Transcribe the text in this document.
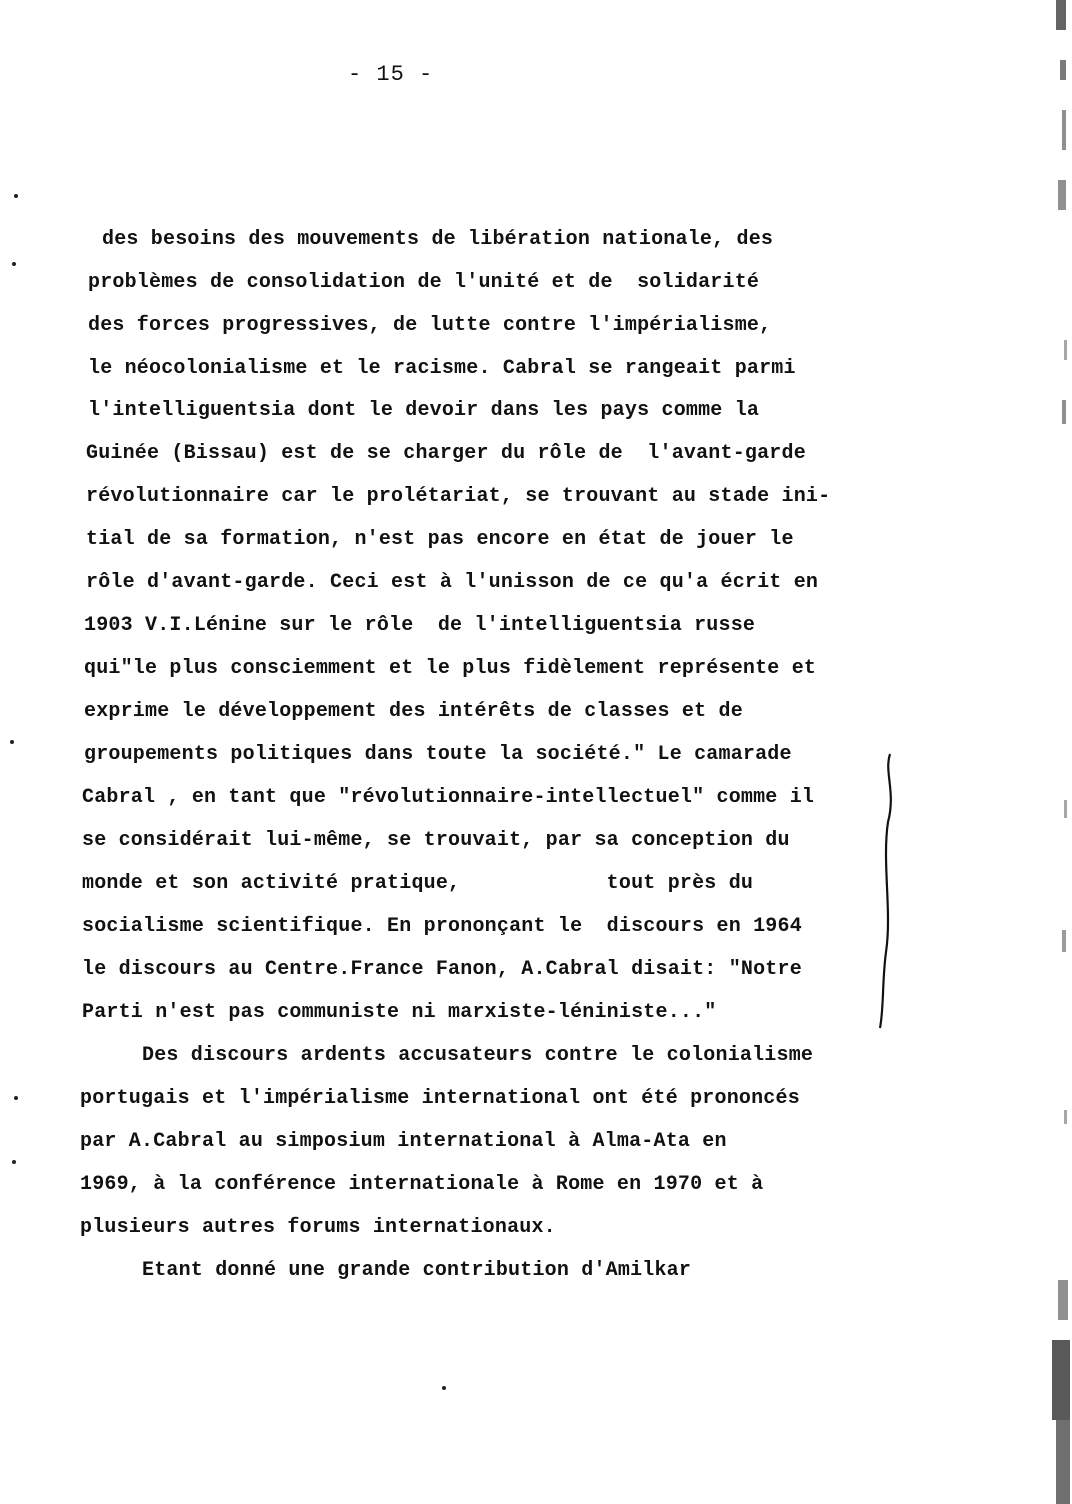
- 15 -
des besoins des mouvements de libération nationale, des
problèmes de consolidation de l'unité et de  solidarité
des forces progressives, de lutte contre l'impérialisme,
le néocolonialisme et le racisme. Cabral se rangeait parmi
l'intelliguentsia dont le devoir dans les pays comme la
Guinée (Bissau) est de se charger du rôle de  l'avant-garde
révolutionnaire car le prolétariat, se trouvant au stade ini-
tial de sa formation, n'est pas encore en état de jouer le
rôle d'avant-garde. Ceci est à l'unisson de ce qu'a écrit en
1903 V.I.Lénine sur le rôle  de l'intelliguentsia russe
qui"le plus consciemment et le plus fidèlement représente et
exprime le développement des intérêts de classes et de
groupements politiques dans toute la société." Le camarade
Cabral , en tant que "révolutionnaire-intellectuel" comme il
se considérait lui-même, se trouvait, par sa conception du
monde et son activité pratique,            tout près du
socialisme scientifique. En prononçant le  discours en 1964
le discours au Centre.France Fanon, A.Cabral disait: "Notre
Parti n'est pas communiste ni marxiste-léniniste..."
Des discours ardents accusateurs contre le colonialisme
portugais et l'impérialisme international ont été prononcés
par A.Cabral au simposium international à Alma-Ata en
1969, à la conférence internationale à Rome en 1970 et à
plusieurs autres forums internationaux.
Etant donné une grande contribution d'Amilkar
